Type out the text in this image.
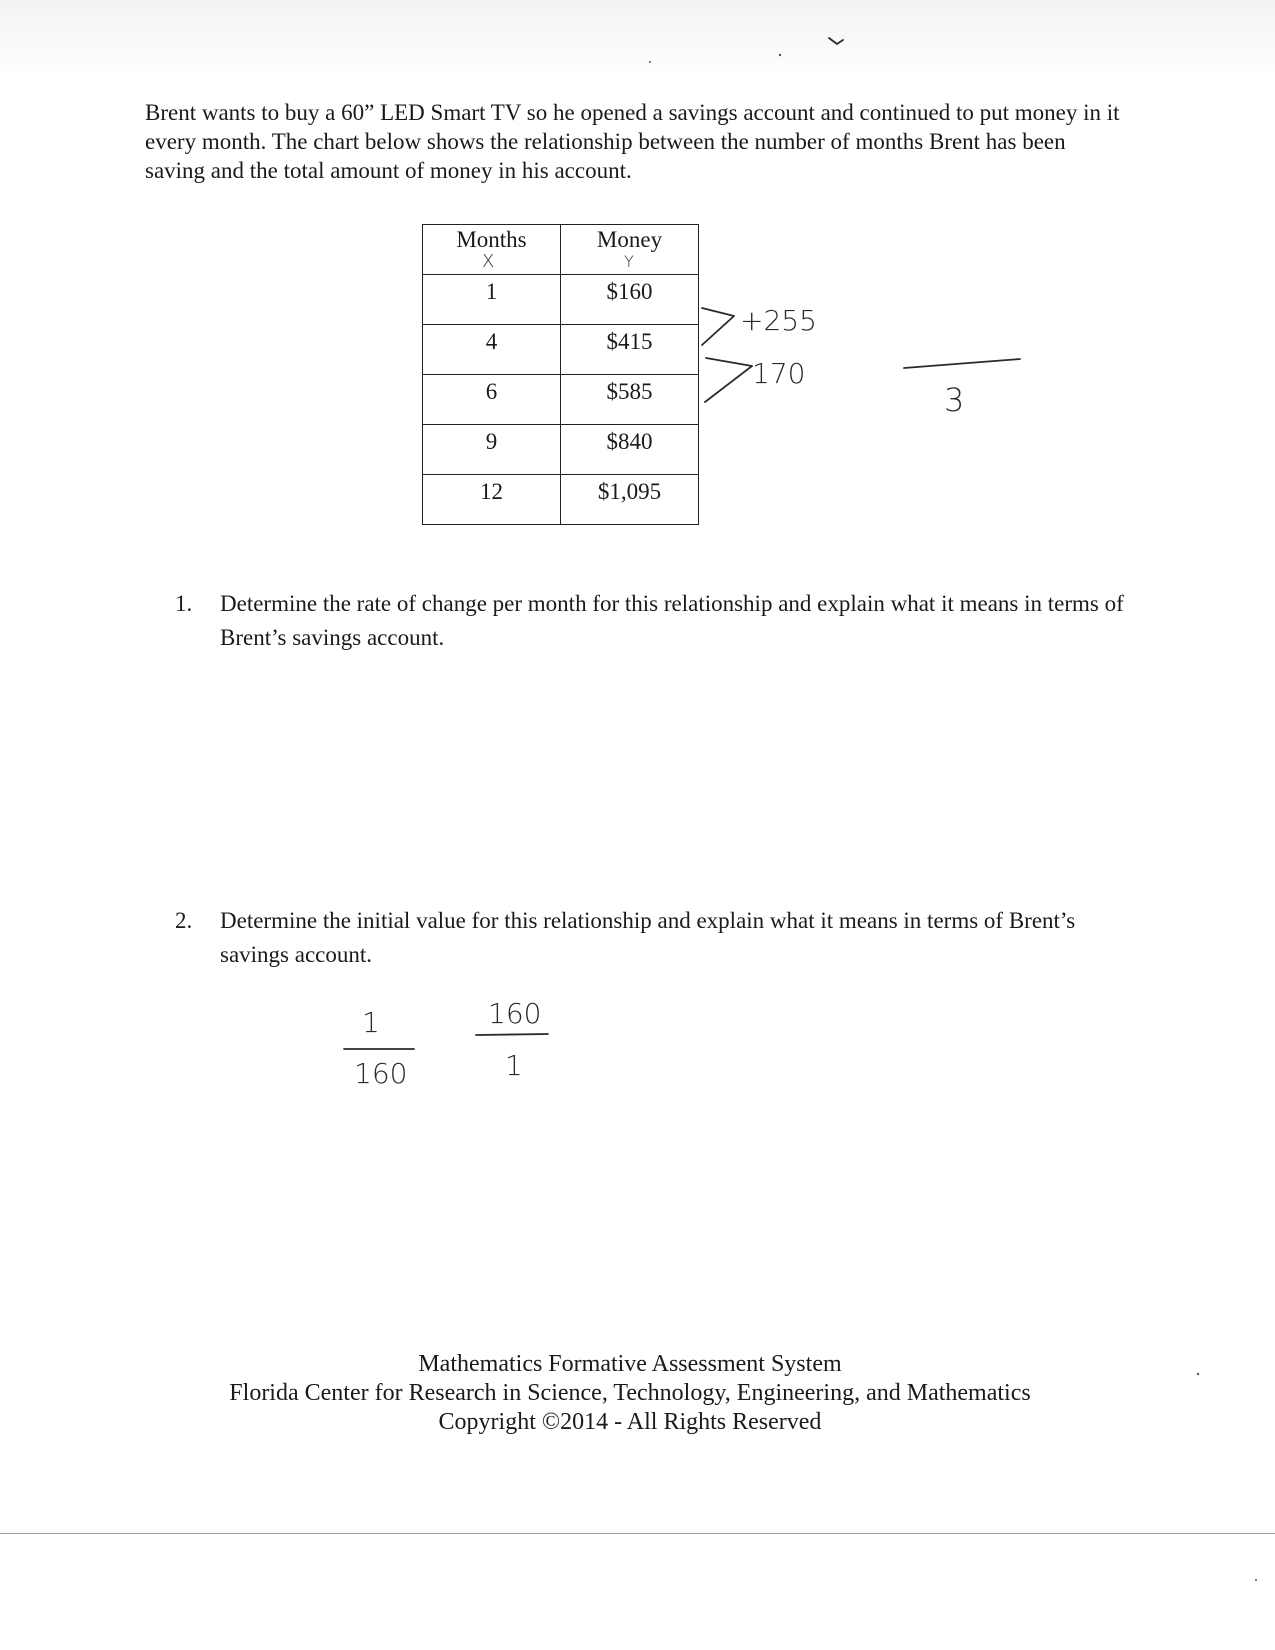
Brent wants to buy a 60” LED Smart TV so he opened a savings account and continued to put money in it every month. The chart below shows the relationship between the number of months Brent has been saving and the total amount of money in his account.

Months	Money
1	$160
4	$415
6	$585
9	$840
12	$1,095
1.	Determine the rate of change per month for this relationship and explain what it means in terms of Brent’s savings account.
2.	Determine the initial value for this relationship and explain what it means in terms of Brent’s savings account.
X	Y
+255
170
3
1
160
160
1
Mathematics Formative Assessment System
Florida Center for Research in Science, Technology, Engineering, and Mathematics
Copyright ©2014 - All Rights Reserved
